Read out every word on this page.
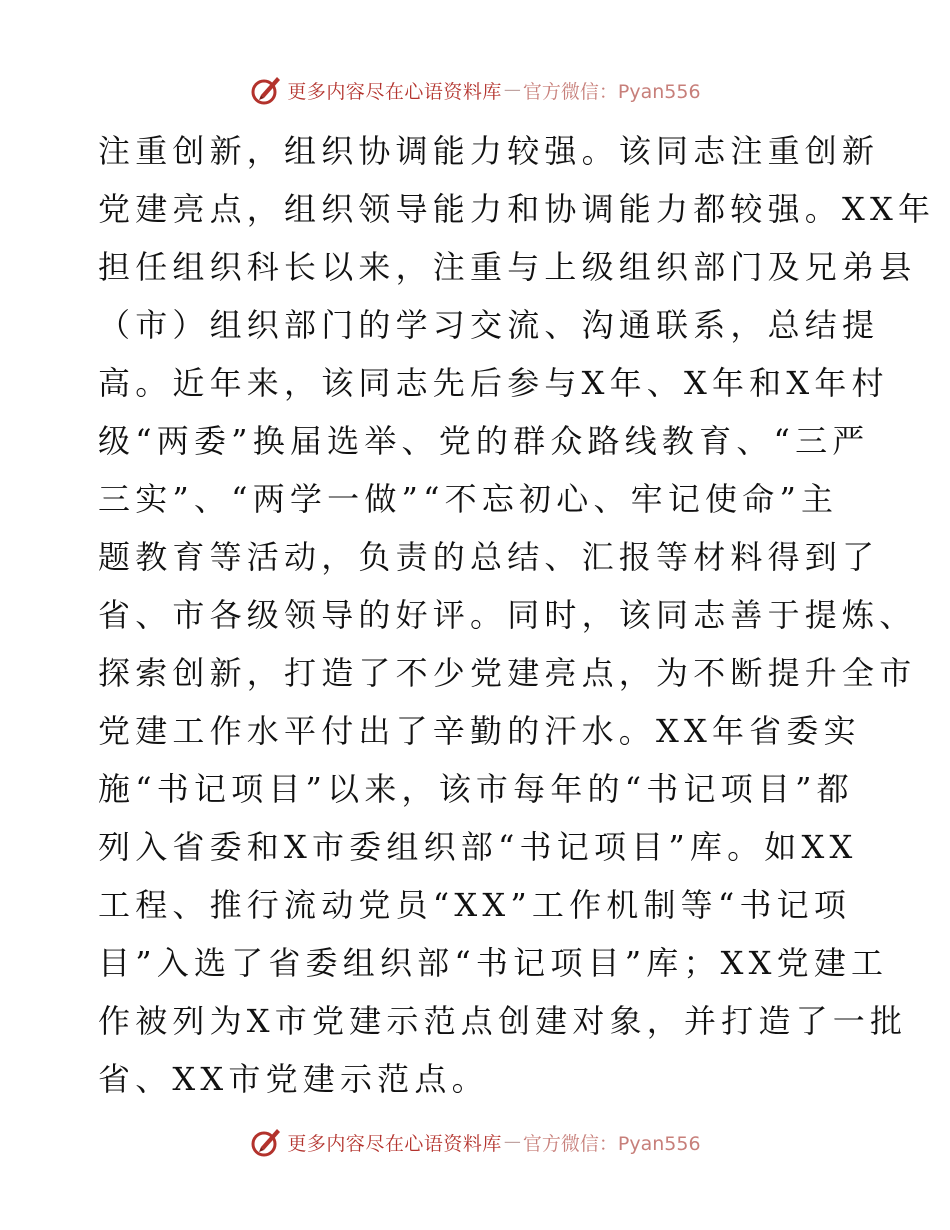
更多内容尽在心语资料库 — 官方微信：Pyan556
注重创新，组织协调能力较强。该同志注重创新
党建亮点，组织领导能力和协调能力都较强。XX年
担任组织科长以来，注重与上级组织部门及兄弟县
（市）组织部门的学习交流、沟通联系，总结提
高。近年来，该同志先后参与X年、X年和X年村
级“两委”换届选举、党的群众路线教育、“三严
三实”、“两学一做”“不忘初心、牢记使命”主
题教育等活动，负责的总结、汇报等材料得到了
省、市各级领导的好评。同时，该同志善于提炼、
探索创新，打造了不少党建亮点，为不断提升全市
党建工作水平付出了辛勤的汗水。XX年省委实
施“书记项目”以来，该市每年的“书记项目”都
列入省委和X市委组织部“书记项目”库。如XX
工程、推行流动党员“XX”工作机制等“书记项
目”入选了省委组织部“书记项目”库；XX党建工
作被列为X市党建示范点创建对象，并打造了一批
省、XX市党建示范点。
更多内容尽在心语资料库 — 官方微信：Pyan556
